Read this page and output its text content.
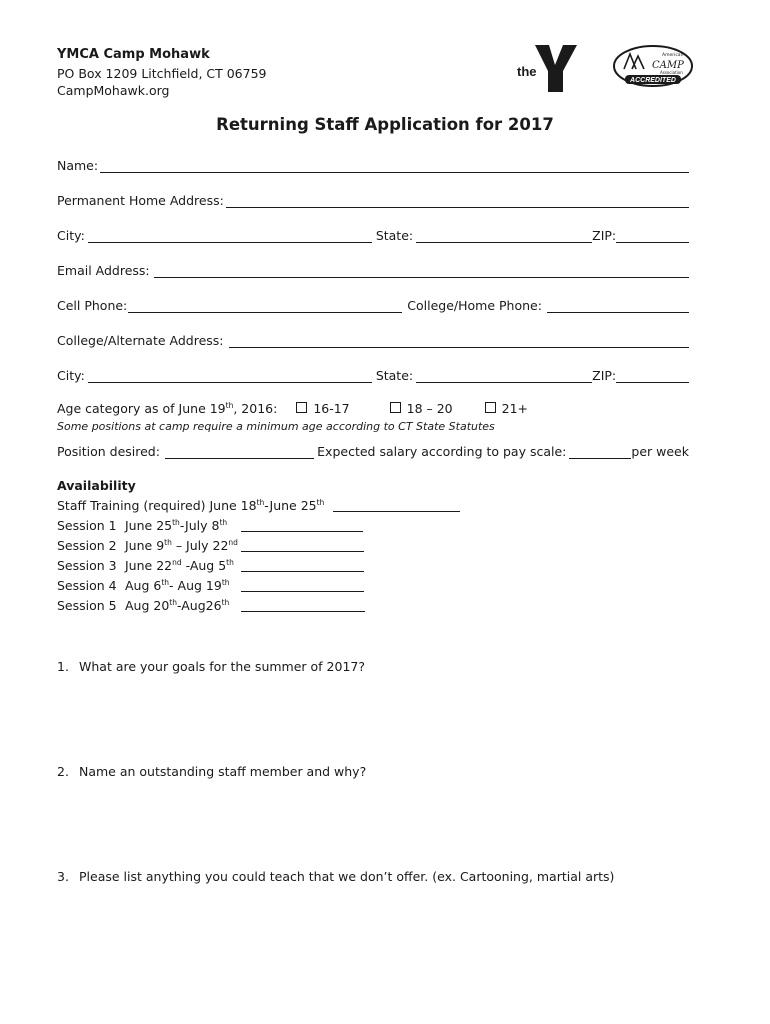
YMCA Camp Mohawk
PO Box 1209 Litchfield, CT 06759
CampMohawk.org
the
American
CAMP
Association
ACCREDITED
Returning Staff Application for 2017
Name:
Permanent Home Address:
City:	State:	ZIP:
Email Address:
Cell Phone:	College/Home Phone:
College/Alternate Address:
City:	State:	ZIP:
Age category as of June 19th, 2016:	16-17	18 – 20	21+
Some positions at camp require a minimum age according to CT State Statutes
Position desired:	Expected salary according to pay scale:	per week
Availability
Staff Training (required) June 18th-June 25th
Session 1 June 25th-July 8th
Session 2 June 9th – July 22nd
Session 3 June 22nd -Aug 5th
Session 4 Aug 6th- Aug 19th
Session 5 Aug 20th-Aug26th
1. What are your goals for the summer of 2017?
2. Name an outstanding staff member and why?
3. Please list anything you could teach that we don’t offer. (ex. Cartooning, martial arts)
